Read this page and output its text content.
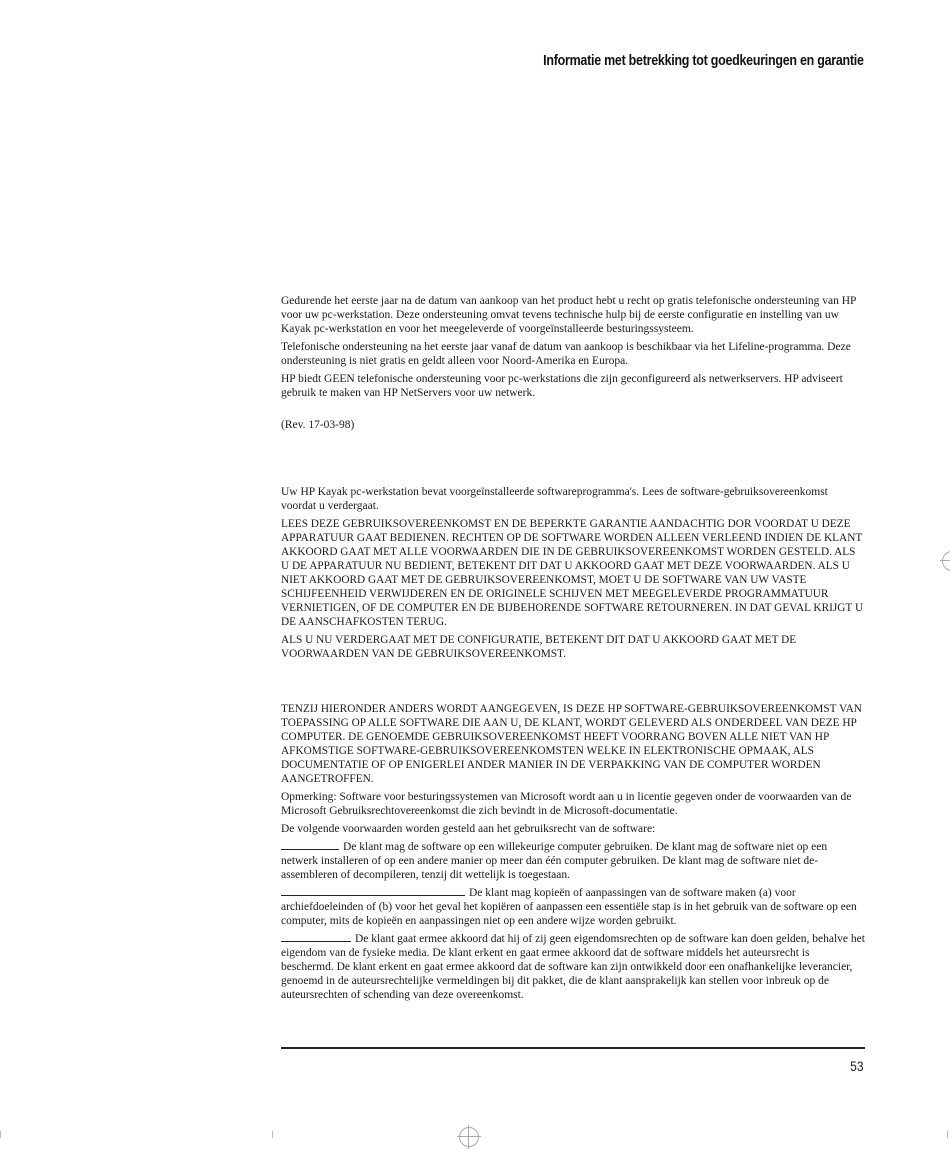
Informatie met betrekking tot goedkeuringen en garantie

Gedurende het eerste jaar na de datum van aankoop van het product hebt u recht op gratis telefonische ondersteuning van HP voor uw pc-werkstation. Deze ondersteuning omvat tevens technische hulp bij de eerste configuratie en instelling van uw Kayak pc-werkstation en voor het meegeleverde of voorgeïnstalleerde besturingssysteem.

Telefonische ondersteuning na het eerste jaar vanaf de datum van aankoop is beschikbaar via het Lifeline-programma. Deze ondersteuning is niet gratis en geldt alleen voor Noord-Amerika en Europa.

HP biedt GEEN telefonische ondersteuning voor pc-werkstations die zijn geconfigureerd als netwerkservers. HP adviseert gebruik te maken van HP NetServers voor uw netwerk.

(Rev. 17-03-98)

Uw HP Kayak pc-werkstation bevat voorgeïnstalleerde softwareprogramma's. Lees de software-gebruiksovereenkomst voordat u verdergaat.

LEES DEZE GEBRUIKSOVEREENKOMST EN DE BEPERKTE GARANTIE AANDACHTIG DOR VOORDAT U DEZE APPARATUUR GAAT BEDIENEN. RECHTEN OP DE SOFTWARE WORDEN ALLEEN VERLEEND INDIEN DE KLANT AKKOORD GAAT MET ALLE VOORWAARDEN DIE IN DE GEBRUIKSOVEREENKOMST WORDEN GESTELD. ALS U DE APPARATUUR NU BEDIENT, BETEKENT DIT DAT U AKKOORD GAAT MET DEZE VOORWAARDEN. ALS U NIET AKKOORD GAAT MET DE GEBRUIKSOVEREENKOMST, MOET U DE SOFTWARE VAN UW VASTE SCHIJFEENHEID VERWIJDEREN EN DE ORIGINELE SCHIJVEN MET MEEGELEVERDE PROGRAMMATUUR VERNIETIGEN, OF DE COMPUTER EN DE BIJBEHORENDE SOFTWARE RETOURNEREN. IN DAT GEVAL KRIJGT U DE AANSCHAFKOSTEN TERUG.

ALS U NU VERDERGAAT MET DE CONFIGURATIE, BETEKENT DIT DAT U AKKOORD GAAT MET DE VOORWAARDEN VAN DE GEBRUIKSOVEREENKOMST.

TENZIJ HIERONDER ANDERS WORDT AANGEGEVEN, IS DEZE HP SOFTWARE-GEBRUIKSOVEREENKOMST VAN TOEPASSING OP ALLE SOFTWARE DIE AAN U, DE KLANT, WORDT GELEVERD ALS ONDERDEEL VAN DEZE HP COMPUTER. DE GENOEMDE GEBRUIKSOVEREENKOMST HEEFT VOORRANG BOVEN ALLE NIET VAN HP AFKOMSTIGE SOFTWARE-GEBRUIKSOVEREENKOMSTEN WELKE IN ELEKTRONISCHE OPMAAK, ALS DOCUMENTATIE OF OP ENIGERLEI ANDER MANIER IN DE VERPAKKING VAN DE COMPUTER WORDEN AANGETROFFEN.

Opmerking: Software voor besturingssystemen van Microsoft wordt aan u in licentie gegeven onder de voorwaarden van de Microsoft Gebruiksrechtovereenkomst die zich bevindt in de Microsoft-documentatie.

De volgende voorwaarden worden gesteld aan het gebruiksrecht van de software:

De klant mag de software op een willekeurige computer gebruiken. De klant mag de software niet op een netwerk installeren of op een andere manier op meer dan één computer gebruiken. De klant mag de software niet de-assembleren of decompileren, tenzij dit wettelijk is toegestaan.

De klant mag kopieën of aanpassingen van de software maken (a) voor archiefdoeleinden of (b) voor het geval het kopiëren of aanpassen een essentiële stap is in het gebruik van de software op een computer, mits de kopieën en aanpassingen niet op een andere wijze worden gebruikt.

De klant gaat ermee akkoord dat hij of zij geen eigendomsrechten op de software kan doen gelden, behalve het eigendom van de fysieke media. De klant erkent en gaat ermee akkoord dat de software middels het auteursrecht is beschermd. De klant erkent en gaat ermee akkoord dat de software kan zijn ontwikkeld door een onafhankelijke leverancier, genoemd in de auteursrechtelijke vermeldingen bij dit pakket, die de klant aansprakelijk kan stellen voor inbreuk op de auteursrechten of schending van deze overeenkomst.

53
